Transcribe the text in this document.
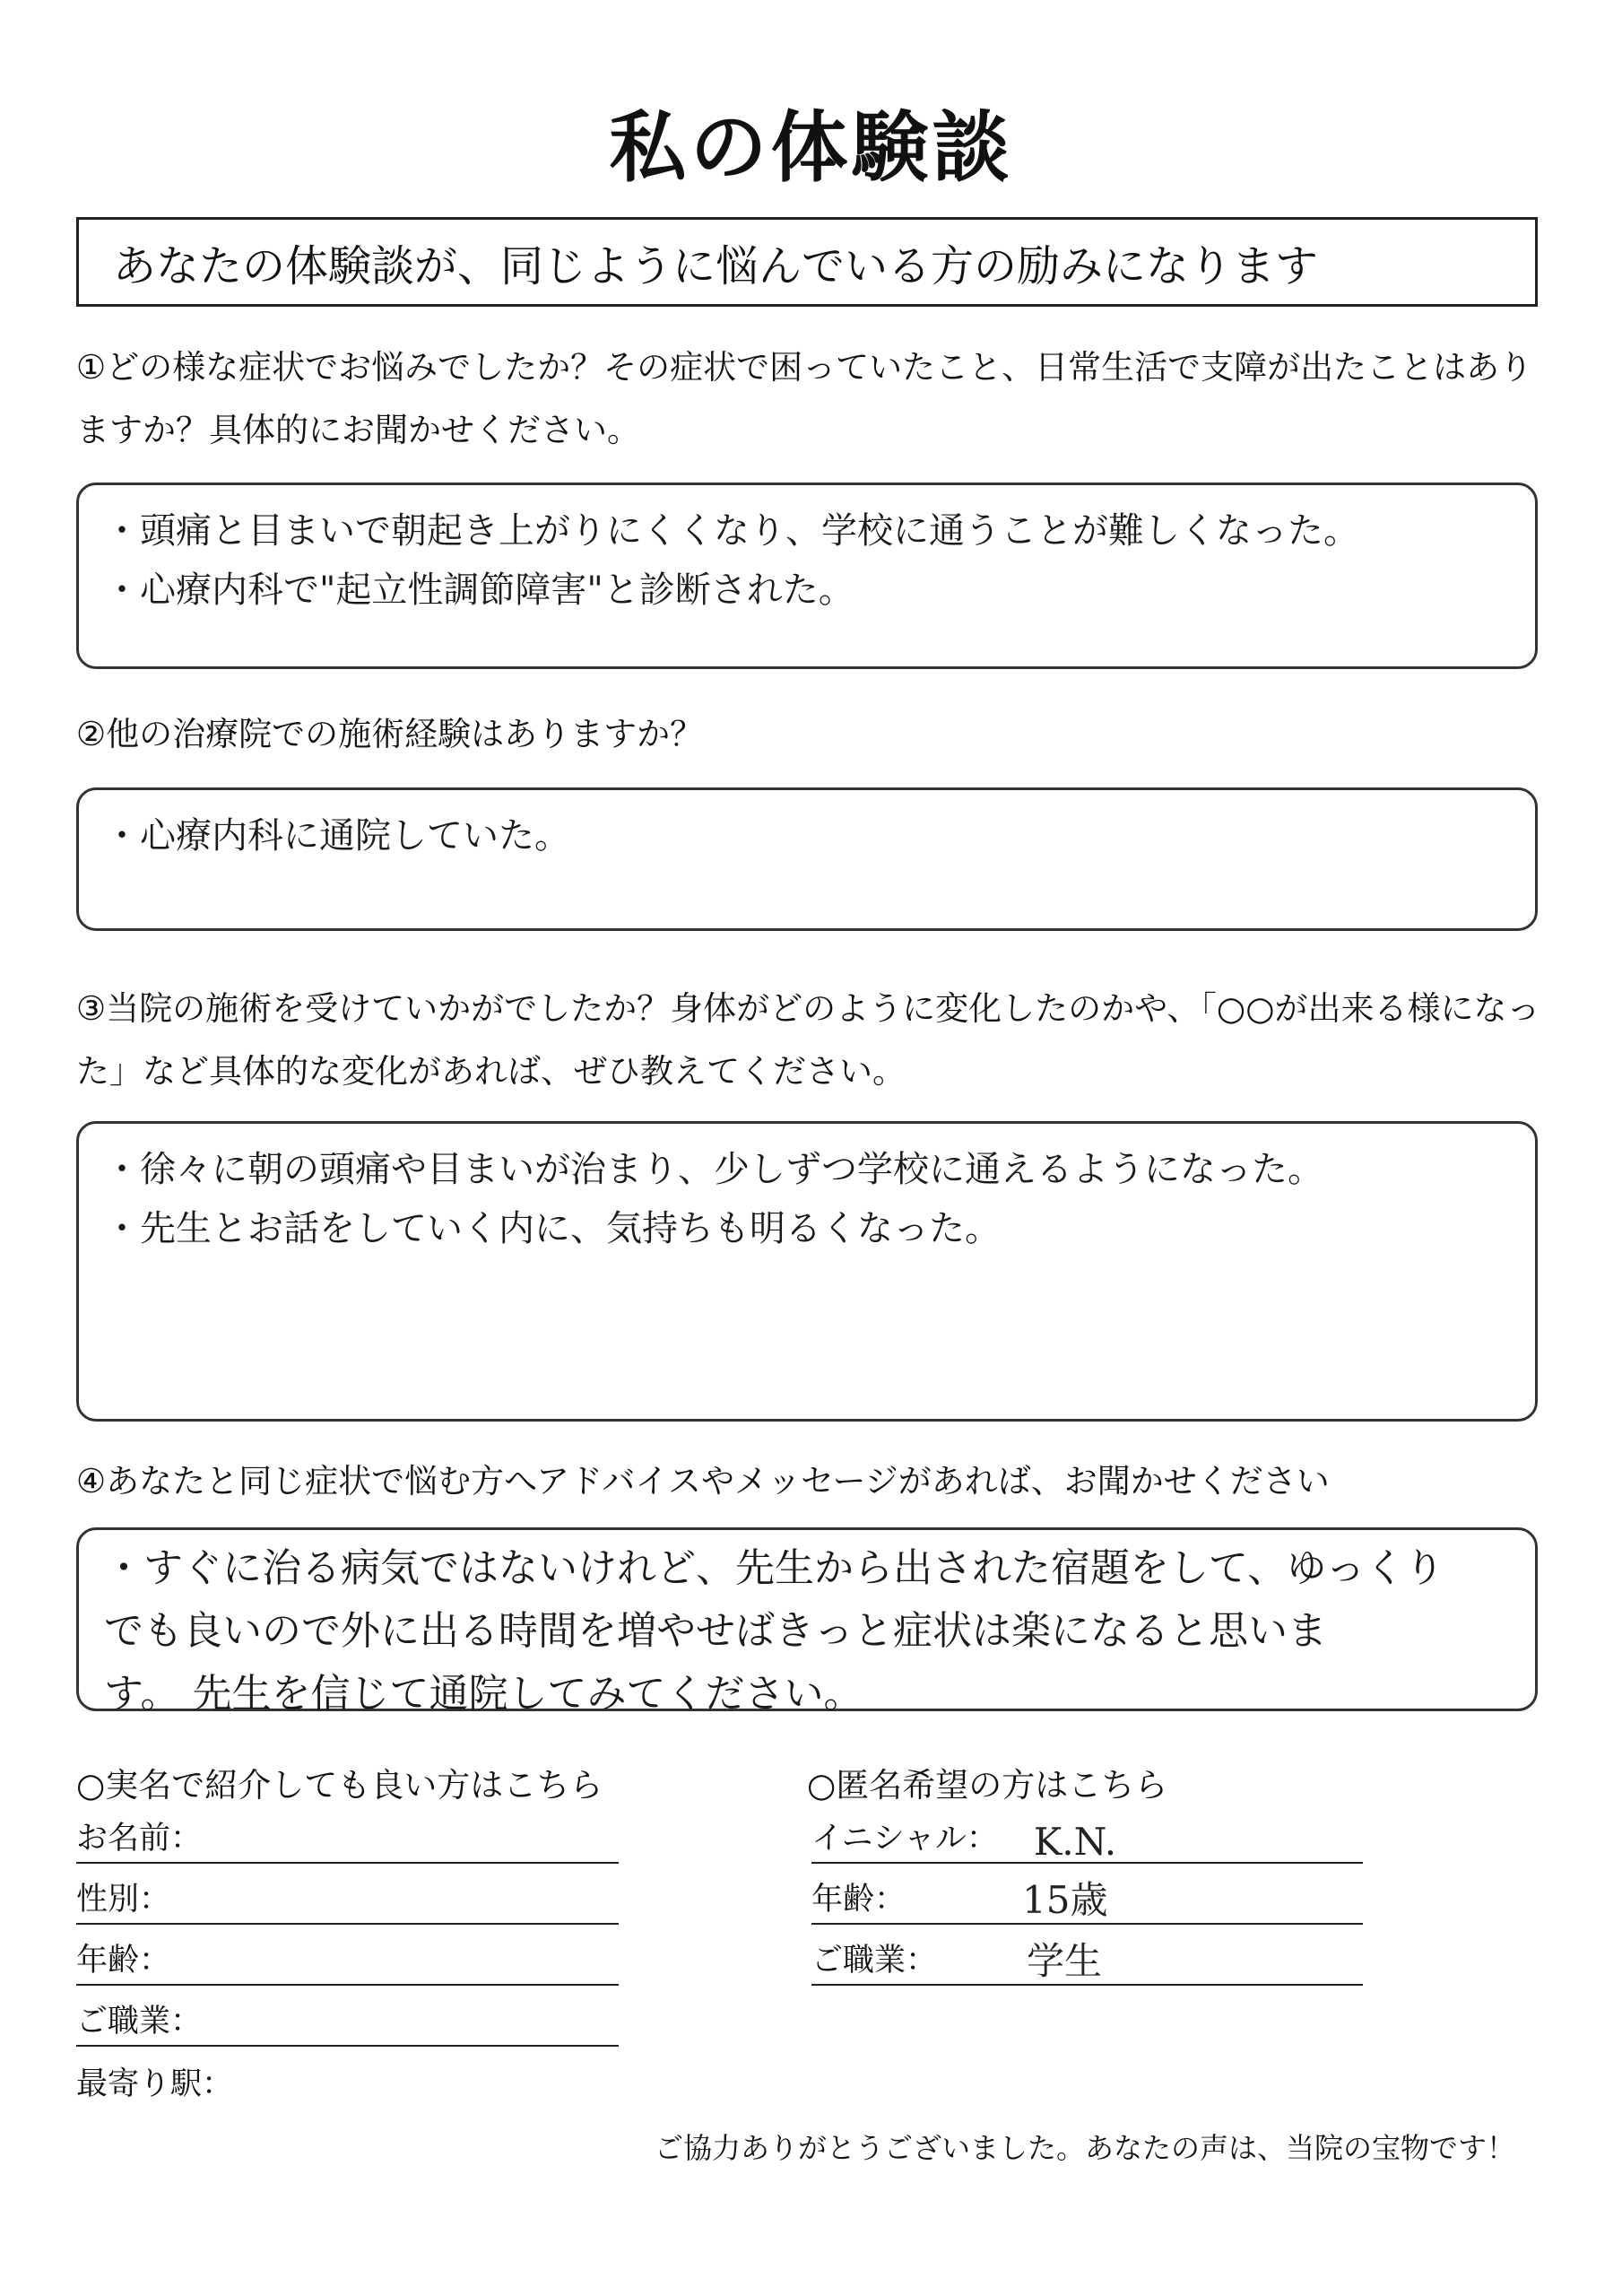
私の体験談
あなたの体験談が、同じように悩んでいる方の励みになります
①どの様な症状でお悩みでしたか？その症状で困っていたこと、日常生活で支障が出たことはありますか？具体的にお聞かせください。
・頭痛と目まいで朝起き上がりにくくなり、学校に通うことが難しくなった。
・心療内科で"起立性調節障害"と診断された。
②他の治療院での施術経験はありますか？
・心療内科に通院していた。
③当院の施術を受けていかがでしたか？身体がどのように変化したのかや、「○○が出来る様になった」など具体的な変化があれば、ぜひ教えてください。
・徐々に朝の頭痛や目まいが治まり、少しずつ学校に通えるようになった。
・先生とお話をしていく内に、気持ちも明るくなった。
④あなたと同じ症状で悩む方へアドバイスやメッセージがあれば、お聞かせください
・すぐに治る病気ではないけれど、先生から出された宿題をして、ゆっくり
でも良いので外に出る時間を増やせばきっと症状は楽になると思いま
す。 先生を信じて通院してみてください。
○実名で紹介しても良い方はこちら
お名前：
性別：
年齢：
ご職業：
最寄り駅：
○匿名希望の方はこちら
イニシャル： K.N.
年齢：	15歳
ご職業： 学生
ご協力ありがとうございました。あなたの声は、当院の宝物です！
